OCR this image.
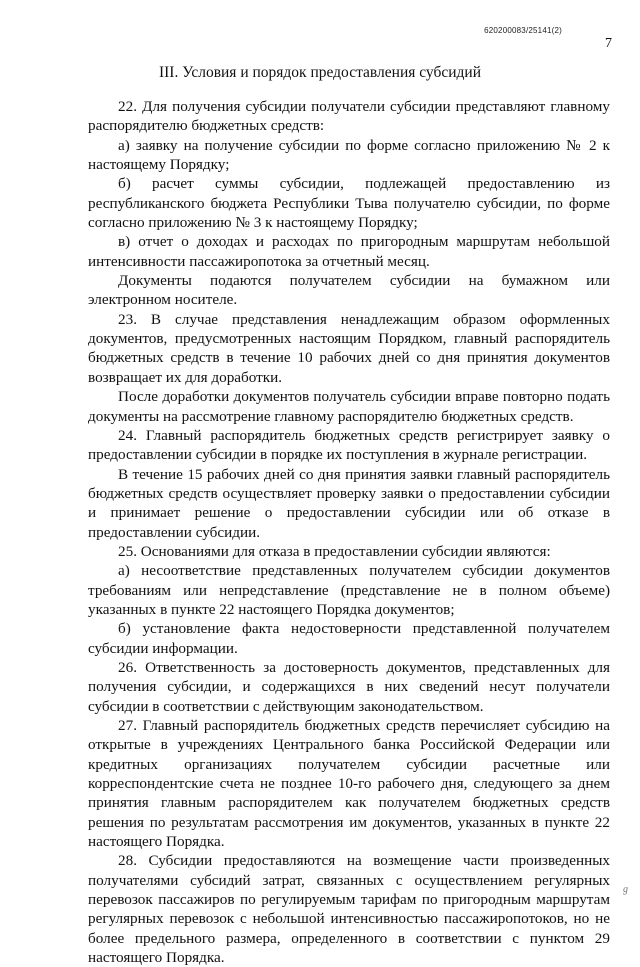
620200083/25141(2)
7
III. Условия и порядок предоставления субсидий

22. Для получения субсидии получатели субсидии представляют главному распорядителю бюджетных средств:

а) заявку на получение субсидии по форме согласно приложению № 2 к настоящему Порядку;

б) расчет суммы субсидии, подлежащей предоставлению из республиканского бюджета Республики Тыва получателю субсидии, по форме согласно приложению № 3 к настоящему Порядку;

в) отчет о доходах и расходах по пригородным маршрутам небольшой интенсивности пассажиропотока за отчетный месяц.

Документы подаются получателем субсидии на бумажном или электронном носителе.

23. В случае представления ненадлежащим образом оформленных документов, предусмотренных настоящим Порядком, главный распорядитель бюджетных средств в течение 10 рабочих дней со дня принятия документов возвращает их для доработки.

После доработки документов получатель субсидии вправе повторно подать документы на рассмотрение главному распорядителю бюджетных средств.

24. Главный распорядитель бюджетных средств регистрирует заявку о предоставлении субсидии в порядке их поступления в журнале регистрации.

В течение 15 рабочих дней со дня принятия заявки главный распорядитель бюджетных средств осуществляет проверку заявки о предоставлении субсидии и принимает решение о предоставлении субсидии или об отказе в предоставлении субсидии.

25. Основаниями для отказа в предоставлении субсидии являются:

а) несоответствие представленных получателем субсидии документов требованиям или непредставление (представление не в полном объеме) указанных в пункте 22 настоящего Порядка документов;

б) установление факта недостоверности представленной получателем субсидии информации.

26. Ответственность за достоверность документов, представленных для получения субсидии, и содержащихся в них сведений несут получатели субсидии в соответствии с действующим законодательством.

27. Главный распорядитель бюджетных средств перечисляет субсидию на открытые в учреждениях Центрального банка Российской Федерации или кредитных организациях получателем субсидии расчетные или корреспондентские счета не позднее 10-го рабочего дня, следующего за днем принятия главным распорядителем как получателем бюджетных средств решения по результатам рассмотрения им документов, указанных в пункте 22 настоящего Порядка.

28. Субсидии предоставляются на возмещение части произведенных получателями субсидий затрат, связанных с осуществлением регулярных перевозок пассажиров по регулируемым тарифам по пригородным маршрутам регулярных перевозок с небольшой интенсивностью пассажиропотоков, но не более предельного размера, определенного в соответствии с пунктом 29 настоящего Порядка.

g
